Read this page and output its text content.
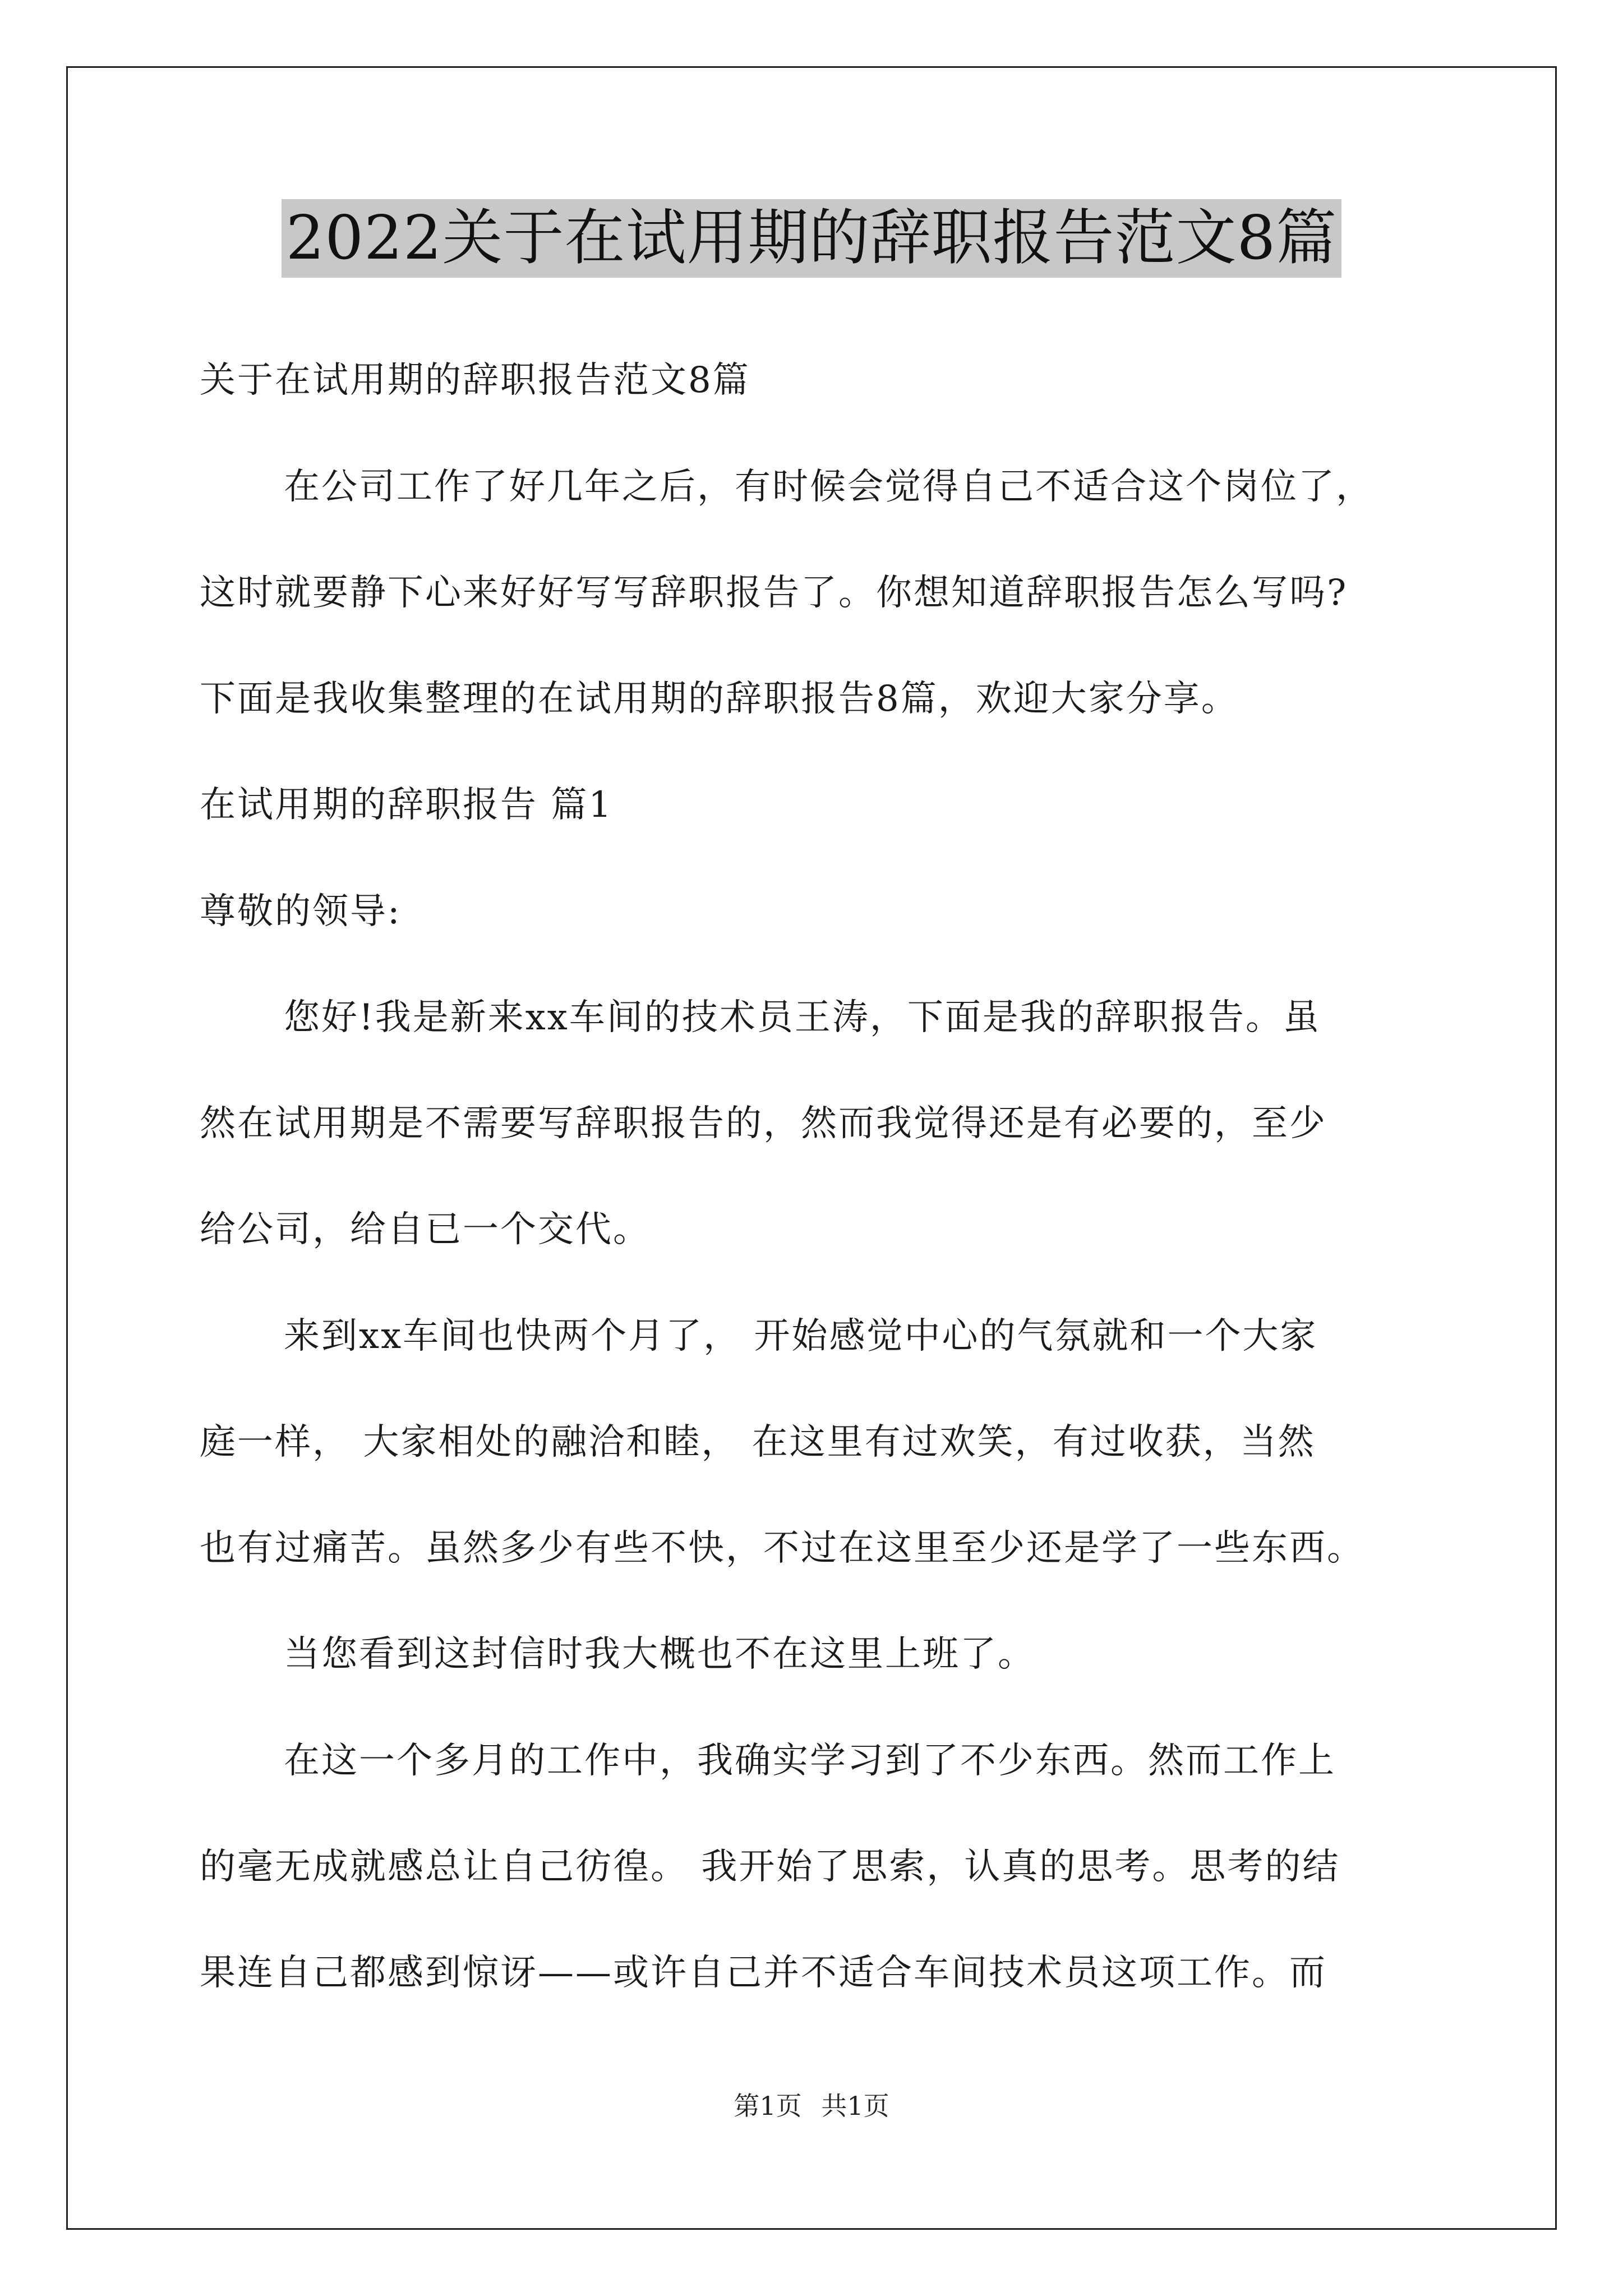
2022关于在试用期的辞职报告范文8篇
关于在试用期的辞职报告范文8篇
在公司工作了好几年之后，有时候会觉得自己不适合这个岗位了，
这时就要静下心来好好写写辞职报告了。你想知道辞职报告怎么写吗?
下面是我收集整理的在试用期的辞职报告8篇，欢迎大家分享。
在试用期的辞职报告 篇1
尊敬的领导:
您好!我是新来xx车间的技术员王涛，下面是我的辞职报告。虽
然在试用期是不需要写辞职报告的，然而我觉得还是有必要的，至少
给公司，给自已一个交代。
来到xx车间也快两个月了， 开始感觉中心的气氛就和一个大家
庭一样， 大家相处的融洽和睦， 在这里有过欢笑，有过收获，当然
也有过痛苦。虽然多少有些不快，不过在这里至少还是学了一些东西。
当您看到这封信时我大概也不在这里上班了。
在这一个多月的工作中，我确实学习到了不少东西。然而工作上
的毫无成就感总让自己彷徨。 我开始了思索，认真的思考。思考的结
果连自己都感到惊讶——或许自己并不适合车间技术员这项工作。而
第1页 共1页
